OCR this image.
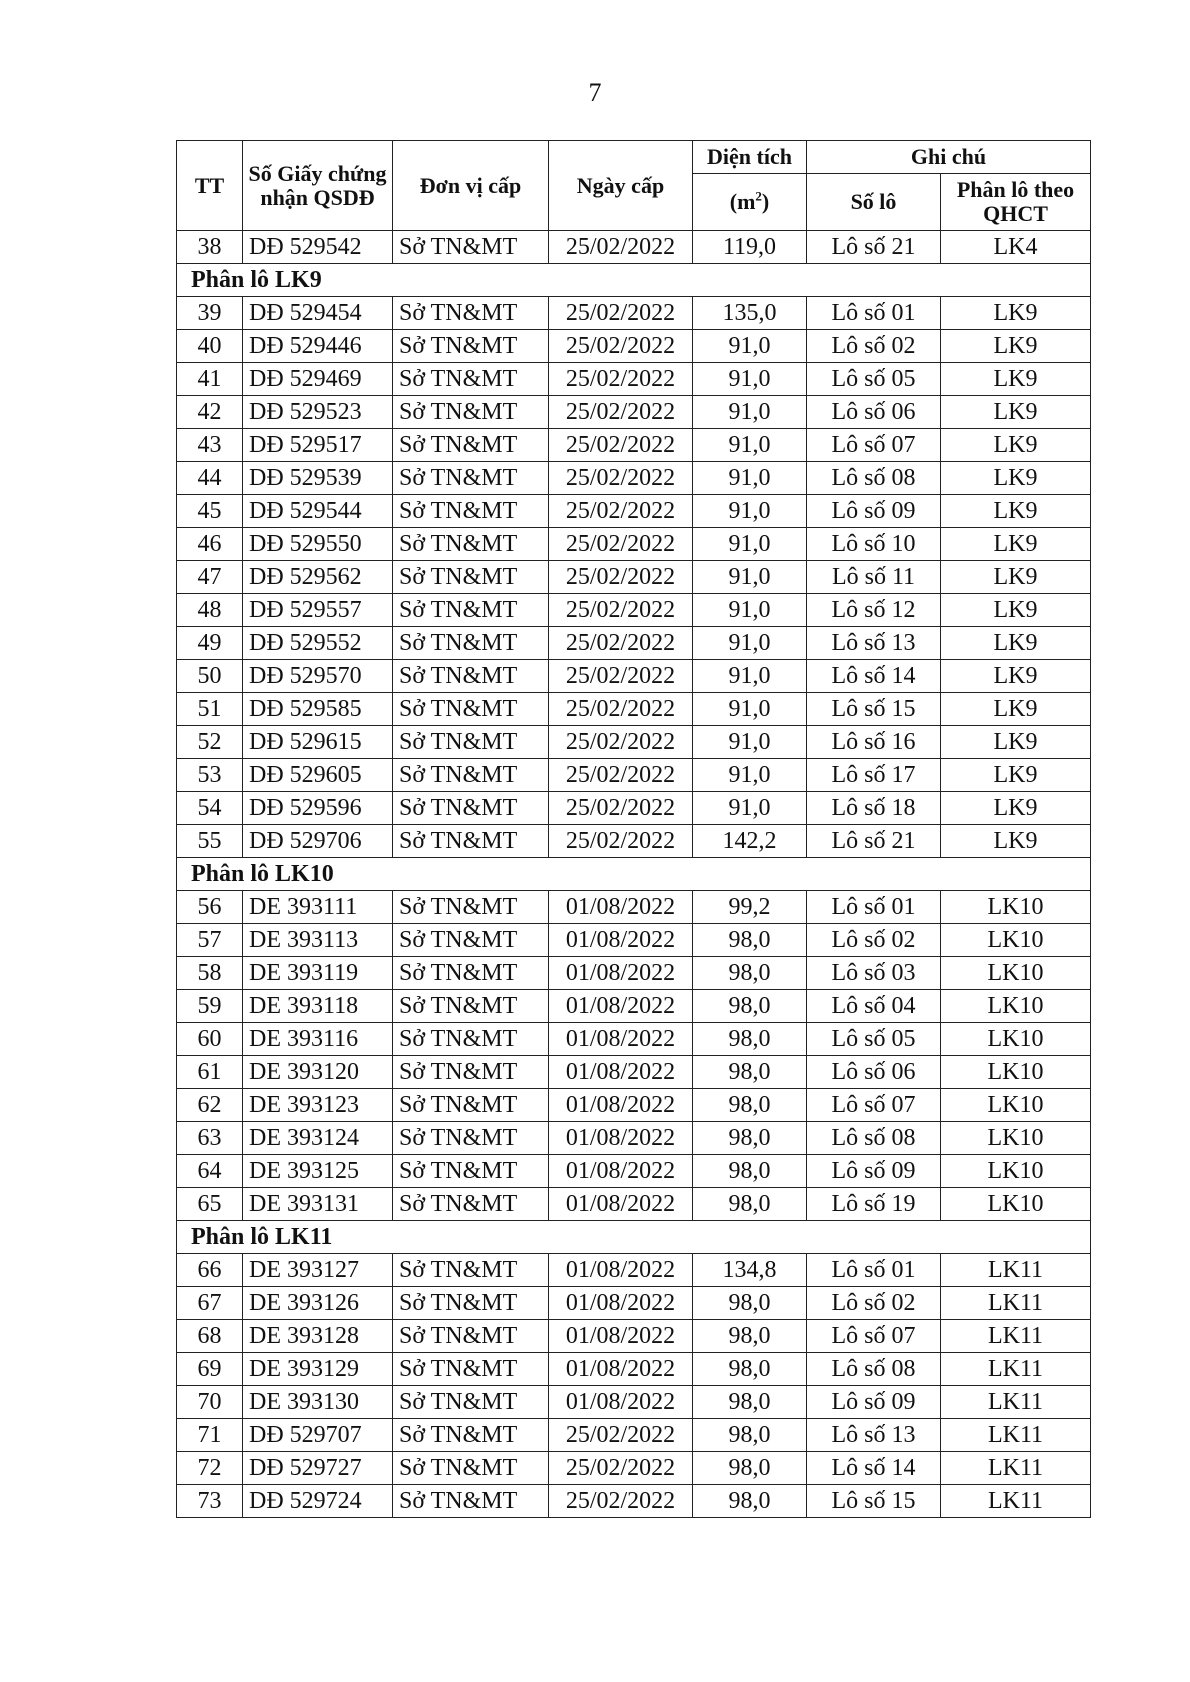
7
TT	Số Giấy chứng nhận QSDĐ	Đơn vị cấp	Ngày cấp	Diện tích	Ghi chú	
				$(m^2)$	Số lô	Phân lô theo QHCT
38	DĐ 529542	Sở TN&MT	25/02/2022	119,0	Lô số 21	LK4
Phân lô LK9						
39	DĐ 529454	Sở TN&MT	25/02/2022	135,0	Lô số 01	LK9
40	DĐ 529446	Sở TN&MT	25/02/2022	91,0	Lô số 02	LK9
41	DĐ 529469	Sở TN&MT	25/02/2022	91,0	Lô số 05	LK9
42	DĐ 529523	Sở TN&MT	25/02/2022	91,0	Lô số 06	LK9
43	DĐ 529517	Sở TN&MT	25/02/2022	91,0	Lô số 07	LK9
44	DĐ 529539	Sở TN&MT	25/02/2022	91,0	Lô số 08	LK9
45	DĐ 529544	Sở TN&MT	25/02/2022	91,0	Lô số 09	LK9
46	DĐ 529550	Sở TN&MT	25/02/2022	91,0	Lô số 10	LK9
47	DĐ 529562	Sở TN&MT	25/02/2022	91,0	Lô số 11	LK9
48	DĐ 529557	Sở TN&MT	25/02/2022	91,0	Lô số 12	LK9
49	DĐ 529552	Sở TN&MT	25/02/2022	91,0	Lô số 13	LK9
50	DĐ 529570	Sở TN&MT	25/02/2022	91,0	Lô số 14	LK9
51	DĐ 529585	Sở TN&MT	25/02/2022	91,0	Lô số 15	LK9
52	DĐ 529615	Sở TN&MT	25/02/2022	91,0	Lô số 16	LK9
53	DĐ 529605	Sở TN&MT	25/02/2022	91,0	Lô số 17	LK9
54	DĐ 529596	Sở TN&MT	25/02/2022	91,0	Lô số 18	LK9
55	DĐ 529706	Sở TN&MT	25/02/2022	142,2	Lô số 21	LK9
Phân lô LK10						
56	DE 393111	Sở TN&MT	01/08/2022	99,2	Lô số 01	LK10
57	DE 393113	Sở TN&MT	01/08/2022	98,0	Lô số 02	LK10
58	DE 393119	Sở TN&MT	01/08/2022	98,0	Lô số 03	LK10
59	DE 393118	Sở TN&MT	01/08/2022	98,0	Lô số 04	LK10
60	DE 393116	Sở TN&MT	01/08/2022	98,0	Lô số 05	LK10
61	DE 393120	Sở TN&MT	01/08/2022	98,0	Lô số 06	LK10
62	DE 393123	Sở TN&MT	01/08/2022	98,0	Lô số 07	LK10
63	DE 393124	Sở TN&MT	01/08/2022	98,0	Lô số 08	LK10
64	DE 393125	Sở TN&MT	01/08/2022	98,0	Lô số 09	LK10
65	DE 393131	Sở TN&MT	01/08/2022	98,0	Lô số 19	LK10
Phân lô LK11						
66	DE 393127	Sở TN&MT	01/08/2022	134,8	Lô số 01	LK11
67	DE 393126	Sở TN&MT	01/08/2022	98,0	Lô số 02	LK11
68	DE 393128	Sở TN&MT	01/08/2022	98,0	Lô số 07	LK11
69	DE 393129	Sở TN&MT	01/08/2022	98,0	Lô số 08	LK11
70	DE 393130	Sở TN&MT	01/08/2022	98,0	Lô số 09	LK11
71	DĐ 529707	Sở TN&MT	25/02/2022	98,0	Lô số 13	LK11
72	DĐ 529727	Sở TN&MT	25/02/2022	98,0	Lô số 14	LK11
73	DĐ 529724	Sở TN&MT	25/02/2022	98,0	Lô số 15	LK11
